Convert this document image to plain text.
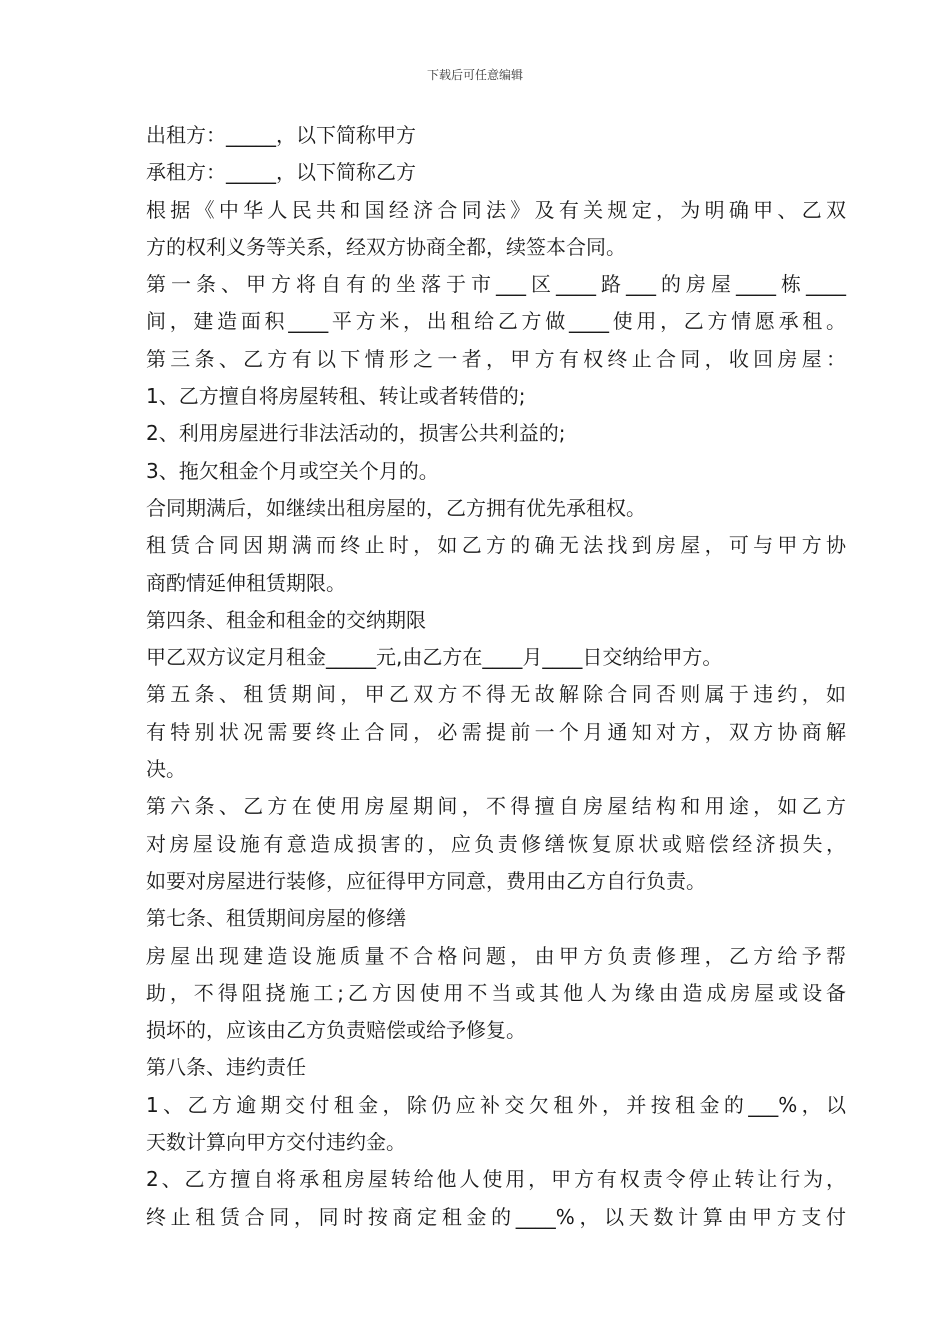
下载后可任意编辑
出租方：_____，以下简称甲方
承租方：_____，以下简称乙方
根据《中华人民共和国经济合同法》及有关规定，为明确甲、乙双
方的权利义务等关系，经双方协商全都，续签本合同。
第一条、甲方将自有的坐落于市___区____路___的房屋____栋____
间，建造面积____平方米，出租给乙方做____使用，乙方情愿承租。
第三条、乙方有以下情形之一者，甲方有权终止合同，收回房屋：
1、乙方擅自将房屋转租、转让或者转借的;
2、利用房屋进行非法活动的，损害公共利益的;
3、拖欠租金个月或空关个月的。
合同期满后，如继续出租房屋的，乙方拥有优先承租权。
租赁合同因期满而终止时，如乙方的确无法找到房屋，可与甲方协
商酌情延伸租赁期限。
第四条、租金和租金的交纳期限
甲乙双方议定月租金_____元,由乙方在____月____日交纳给甲方。
第五条、租赁期间，甲乙双方不得无故解除合同否则属于违约，如
有特别状况需要终止合同，必需提前一个月通知对方，双方协商解
决。
第六条、乙方在使用房屋期间，不得擅自房屋结构和用途，如乙方
对房屋设施有意造成损害的，应负责修缮恢复原状或赔偿经济损失，
如要对房屋进行装修，应征得甲方同意，费用由乙方自行负责。
第七条、租赁期间房屋的修缮
房屋出现建造设施质量不合格问题，由甲方负责修理，乙方给予帮
助，不得阻挠施工;乙方因使用不当或其他人为缘由造成房屋或设备
损坏的，应该由乙方负责赔偿或给予修复。
第八条、违约责任
1、乙方逾期交付租金，除仍应补交欠租外，并按租金的___%，以
天数计算向甲方交付违约金。
2、乙方擅自将承租房屋转给他人使用，甲方有权责令停止转让行为，
终止租赁合同，同时按商定租金的____%，以天数计算由甲方支付
